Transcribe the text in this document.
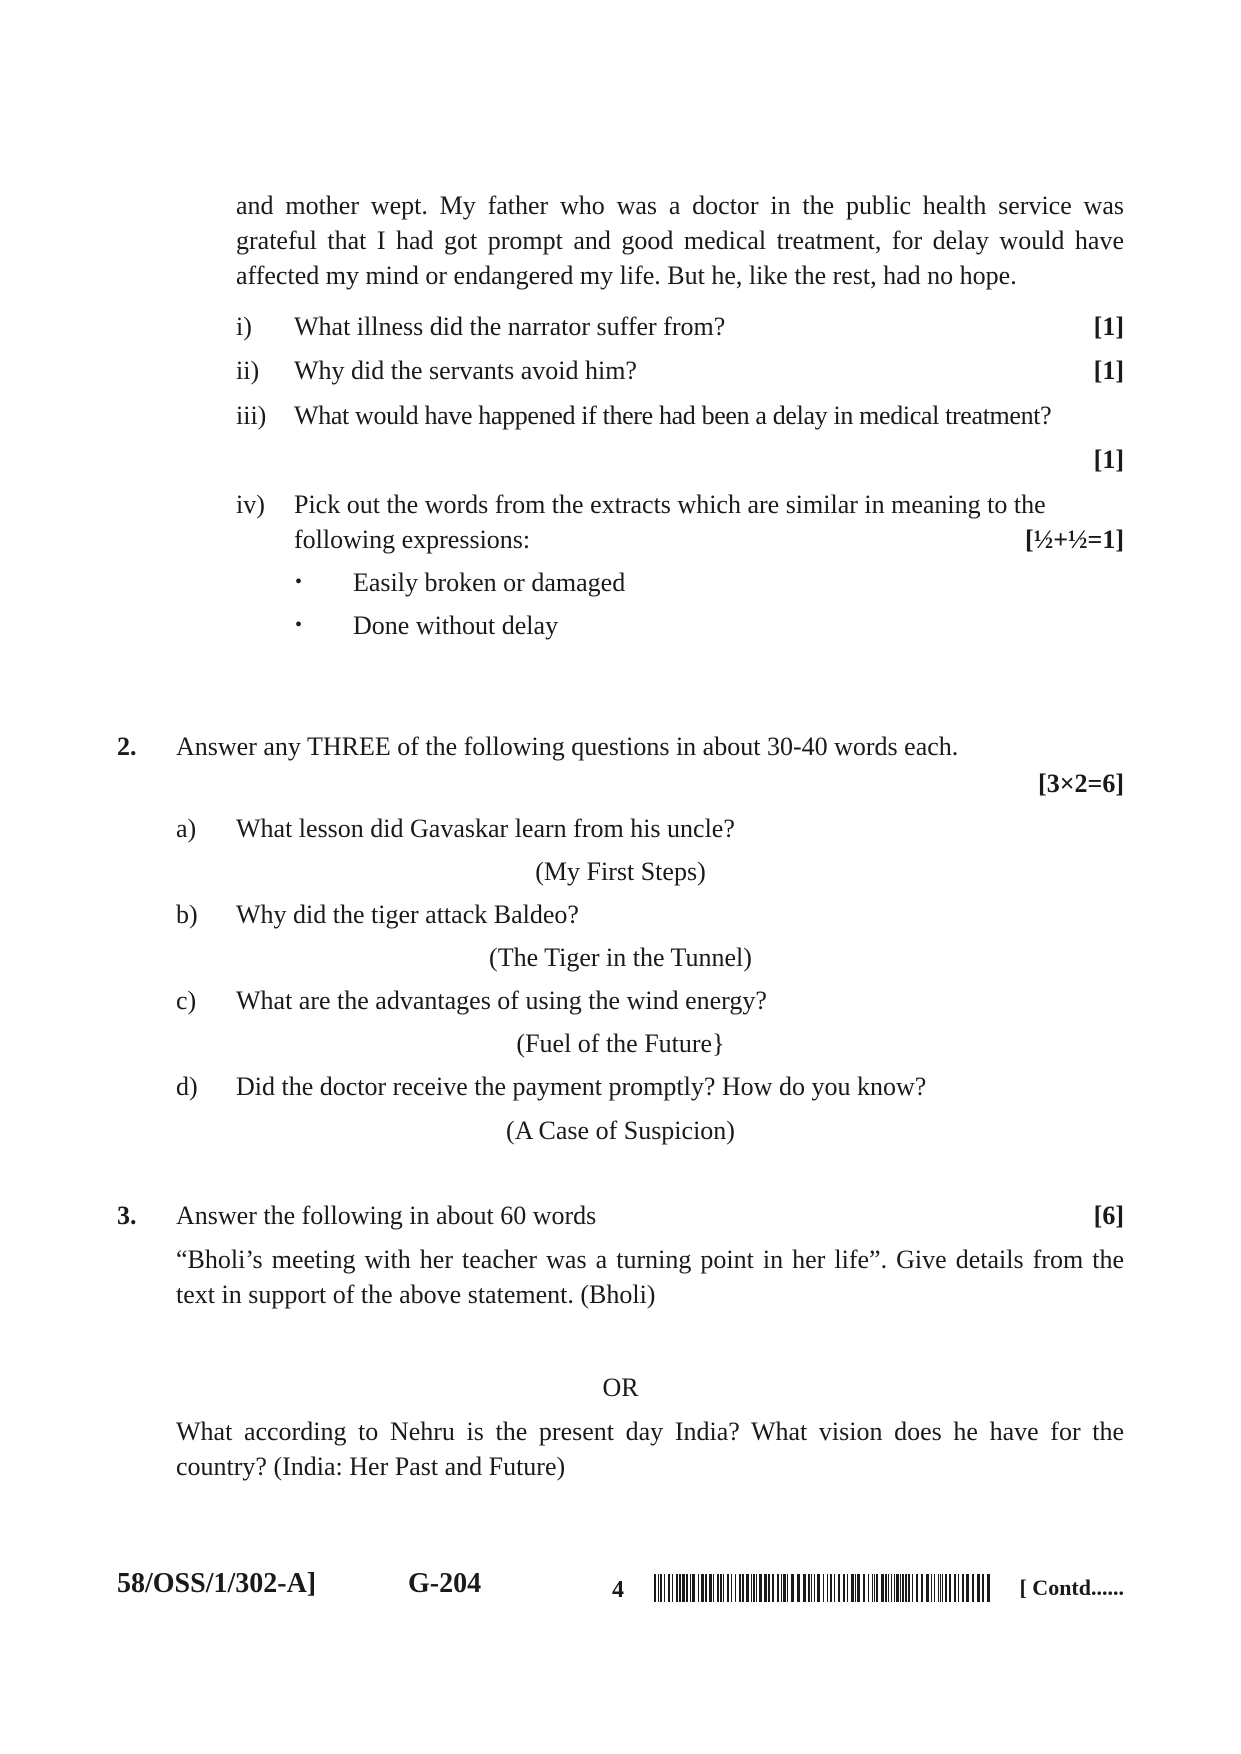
and mother wept. My father who was a doctor in the public health service was grateful that I had got prompt and good medical treatment, for delay would have affected my mind or endangered my life. But he, like the rest, had no hope.
i) What illness did the narrator suffer from?	[1]
ii) Why did the servants avoid him?	[1]
iii) What would have happened if there had been a delay in medical treatment?
[1]
iv) Pick out the words from the extracts which are similar in meaning to the
following expressions:	[½+½=1]
• Easily broken or damaged
• Done without delay
2. Answer any THREE of the following questions in about 30-40 words each.
[3×2=6]
a) What lesson did Gavaskar learn from his uncle?
(My First Steps)
b) Why did the tiger attack Baldeo?
(The Tiger in the Tunnel)
c) What are the advantages of using the wind energy?
(Fuel of the Future}
d) Did the doctor receive the payment promptly? How do you know?
(A Case of Suspicion)
3. Answer the following in about 60 words	[6]
“Bholi’s meeting with her teacher was a turning point in her life”. Give details from the text in support of the above statement. (Bholi)
OR
What according to Nehru is the present day India? What vision does he have for the country? (India: Her Past and Future)
58/OSS/1/302-A]	G-204	4	[ Contd......
